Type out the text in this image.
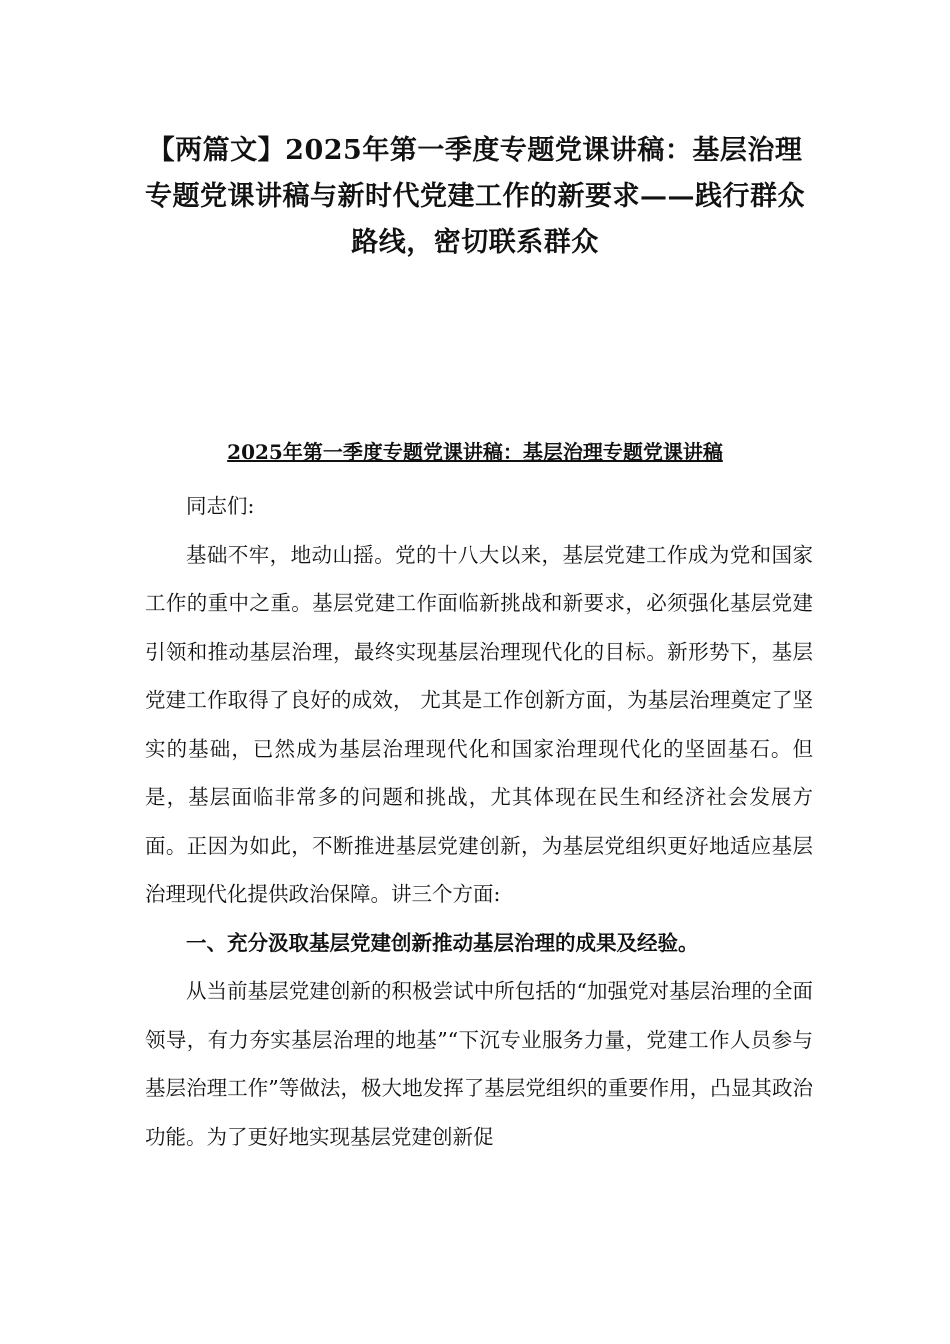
【两篇文】2025年第一季度专题党课讲稿：基层治理专题党课讲稿与新时代党建工作的新要求——践行群众路线，密切联系群众
2025年第一季度专题党课讲稿：基层治理专题党课讲稿

同志们:

基础不牢，地动山摇。党的十八大以来，基层党建工作成为党和国家工作的重中之重。基层党建工作面临新挑战和新要求，必须强化基层党建引领和推动基层治理，最终实现基层治理现代化的目标。新形势下，基层党建工作取得了良好的成效， 尤其是工作创新方面，为基层治理奠定了坚实的基础，已然成为基层治理现代化和国家治理现代化的坚固基石。但是，基层面临非常多的问题和挑战，尤其体现在民生和经济社会发展方面。正因为如此，不断推进基层党建创新，为基层党组织更好地适应基层治理现代化提供政治保障。讲三个方面:

一、充分汲取基层党建创新推动基层治理的成果及经验。

从当前基层党建创新的积极尝试中所包括的“加强党对基层治理的全面领导，有力夯实基层治理的地基”“下沉专业服务力量，党建工作人员参与基层治理工作”等做法，极大地发挥了基层党组织的重要作用，凸显其政治功能。为了更好地实现基层党建创新促
